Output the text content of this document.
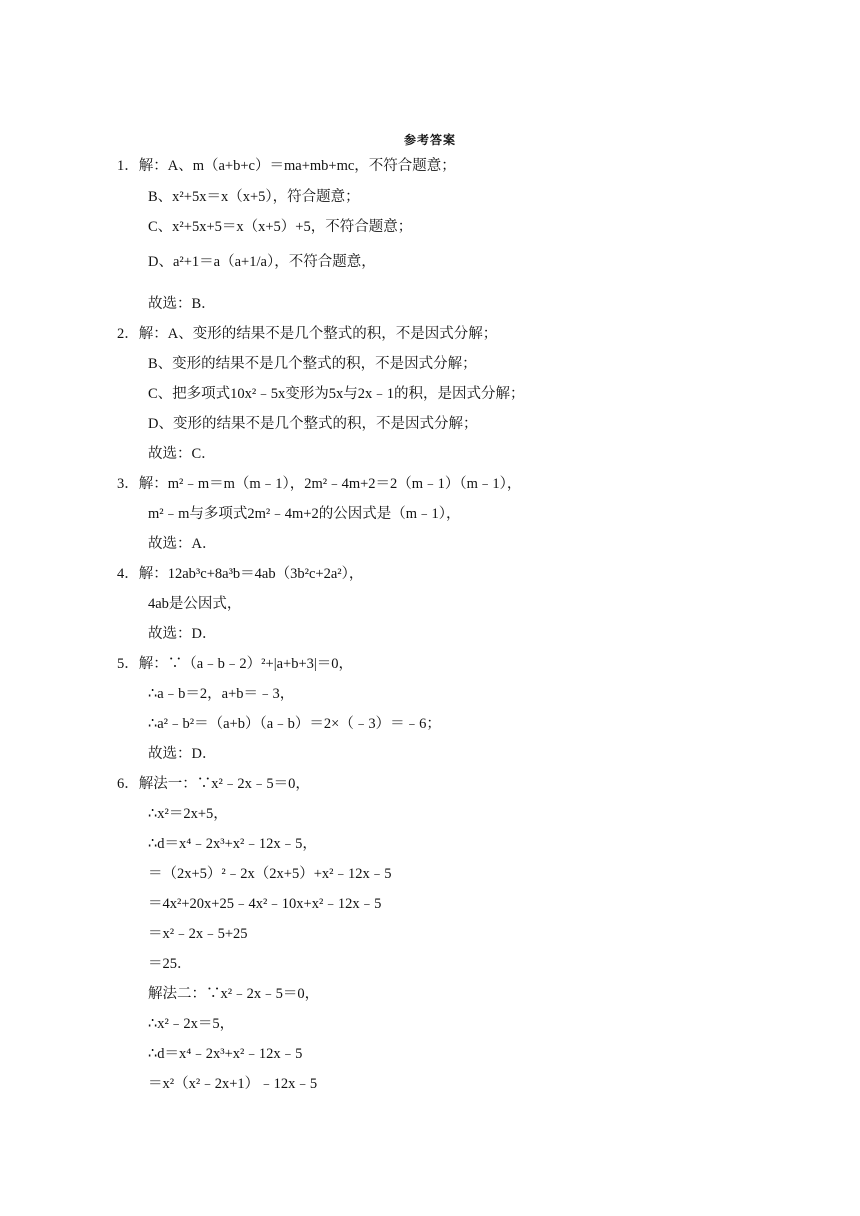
参考答案
1．解：A、m（a+b+c）＝ma+mb+mc，不符合题意；
B、x²+5x＝x（x+5），符合题意；
C、x²+5x+5＝x（x+5）+5，不符合题意；
D、a²+1＝a（a+1/a），不符合题意，
故选：B．
2．解：A、变形的结果不是几个整式的积，不是因式分解；
B、变形的结果不是几个整式的积，不是因式分解；
C、把多项式10x²﹣5x变形为5x与2x﹣1的积，是因式分解；
D、变形的结果不是几个整式的积，不是因式分解；
故选：C．
3．解：m²﹣m＝m（m﹣1），2m²﹣4m+2＝2（m﹣1）（m﹣1），
m²﹣m与多项式2m²﹣4m+2的公因式是（m﹣1），
故选：A．
4．解：12ab³c+8a³b＝4ab（3b²c+2a²），
4ab是公因式，
故选：D．
5．解：∵（a﹣b﹣2）²+|a+b+3|＝0，
∴a﹣b＝2，a+b＝﹣3，
∴a²﹣b²＝（a+b）（a﹣b）＝2×（﹣3）＝﹣6；
故选：D．
6．解法一：∵x²﹣2x﹣5＝0，
∴x²＝2x+5，
∴d＝x⁴﹣2x³+x²﹣12x﹣5，
＝（2x+5）²﹣2x（2x+5）+x²﹣12x﹣5
＝4x²+20x+25﹣4x²﹣10x+x²﹣12x﹣5
＝x²﹣2x﹣5+25
＝25．
解法二：∵x²﹣2x﹣5＝0，
∴x²﹣2x＝5，
∴d＝x⁴﹣2x³+x²﹣12x﹣5
＝x²（x²﹣2x+1）﹣12x﹣5
